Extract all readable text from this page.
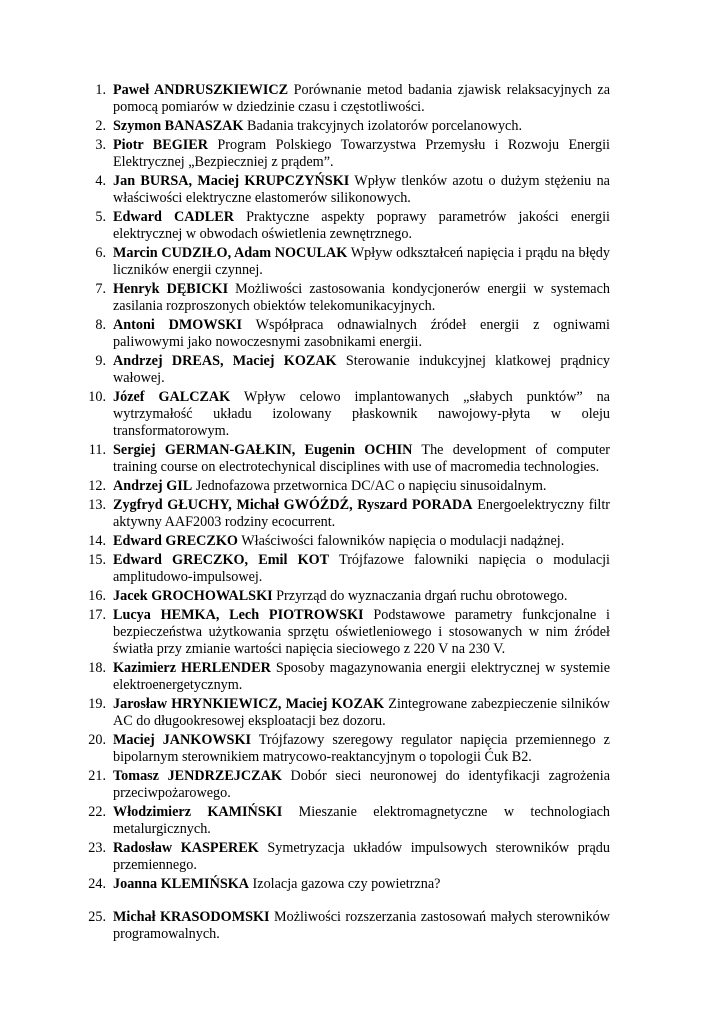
1. Paweł ANDRUSZKIEWICZ Porównanie metod badania zjawisk relaksacyjnych za pomocą pomiarów w dziedzinie czasu i częstotliwości.
2. Szymon BANASZAK Badania trakcyjnych izolatorów porcelanowych.
3. Piotr BEGIER Program Polskiego Towarzystwa Przemysłu i Rozwoju Energii Elektrycznej „Bezpieczniej z prądem”.
4. Jan BURSA, Maciej KRUPCZYŃSKI Wpływ tlenków azotu o dużym stężeniu na właściwości elektryczne elastomerów silikonowych.
5. Edward CADLER Praktyczne aspekty poprawy parametrów jakości energii elektrycznej w obwodach oświetlenia zewnętrznego.
6. Marcin CUDZIŁO, Adam NOCULAK Wpływ odkształceń napięcia i prądu na błędy liczników energii czynnej.
7. Henryk DĘBICKI Możliwości zastosowania kondycjonerów energii w systemach zasilania rozproszonych obiektów telekomunikacyjnych.
8. Antoni DMOWSKI Współpraca odnawialnych źródeł energii z ogniwami paliwowymi jako nowoczesnymi zasobnikami energii.
9. Andrzej DREAS, Maciej KOZAK Sterowanie indukcyjnej klatkowej prądnicy wałowej.
10. Józef GALCZAK Wpływ celowo implantowanych „słabych punktów” na wytrzymałość układu izolowany płaskownik nawojowy-płyta w oleju transformatorowym.
11. Sergiej GERMAN-GAŁKIN, Eugenin OCHIN The development of computer training course on electrotechynical disciplines with use of macromedia technologies.
12. Andrzej GIL Jednofazowa przetwornica DC/AC o napięciu sinusoidalnym.
13. Zygfryd GŁUCHY, Michał GWÓŹDŹ, Ryszard PORADA Energoelektryczny filtr aktywny AAF2003 rodziny ecocurrent.
14. Edward GRECZKO Właściwości falowników napięcia o modulacji nadążnej.
15. Edward GRECZKO, Emil KOT Trójfazowe falowniki napięcia o modulacji amplitudowo-impulsowej.
16. Jacek GROCHOWALSKI Przyrząd do wyznaczania drgań ruchu obrotowego.
17. Lucya HEMKA, Lech PIOTROWSKI Podstawowe parametry funkcjonalne i bezpieczeństwa użytkowania sprzętu oświetleniowego i stosowanych w nim źródeł światła przy zmianie wartości napięcia sieciowego z 220 V na 230 V.
18. Kazimierz HERLENDER Sposoby magazynowania energii elektrycznej w systemie elektroenergetycznym.
19. Jarosław HRYNKIEWICZ, Maciej KOZAK Zintegrowane zabezpieczenie silników AC do długookresowej eksploatacji bez dozoru.
20. Maciej JANKOWSKI Trójfazowy szeregowy regulator napięcia przemiennego z bipolarnym sterownikiem matrycowo-reaktancyjnym o topologii Ćuk B2.
21. Tomasz JENDRZEJCZAK Dobór sieci neuronowej do identyfikacji zagrożenia przeciwpożarowego.
22. Włodzimierz KAMIŃSKI Mieszanie elektromagnetyczne w technologiach metalurgicznych.
23. Radosław KASPEREK Symetryzacja układów impulsowych sterowników prądu przemiennego.
24. Joanna KLEMIŃSKA Izolacja gazowa czy powietrzna?
25. Michał KRASODOMSKI Możliwości rozszerzania zastosowań małych sterowników programowalnych.
